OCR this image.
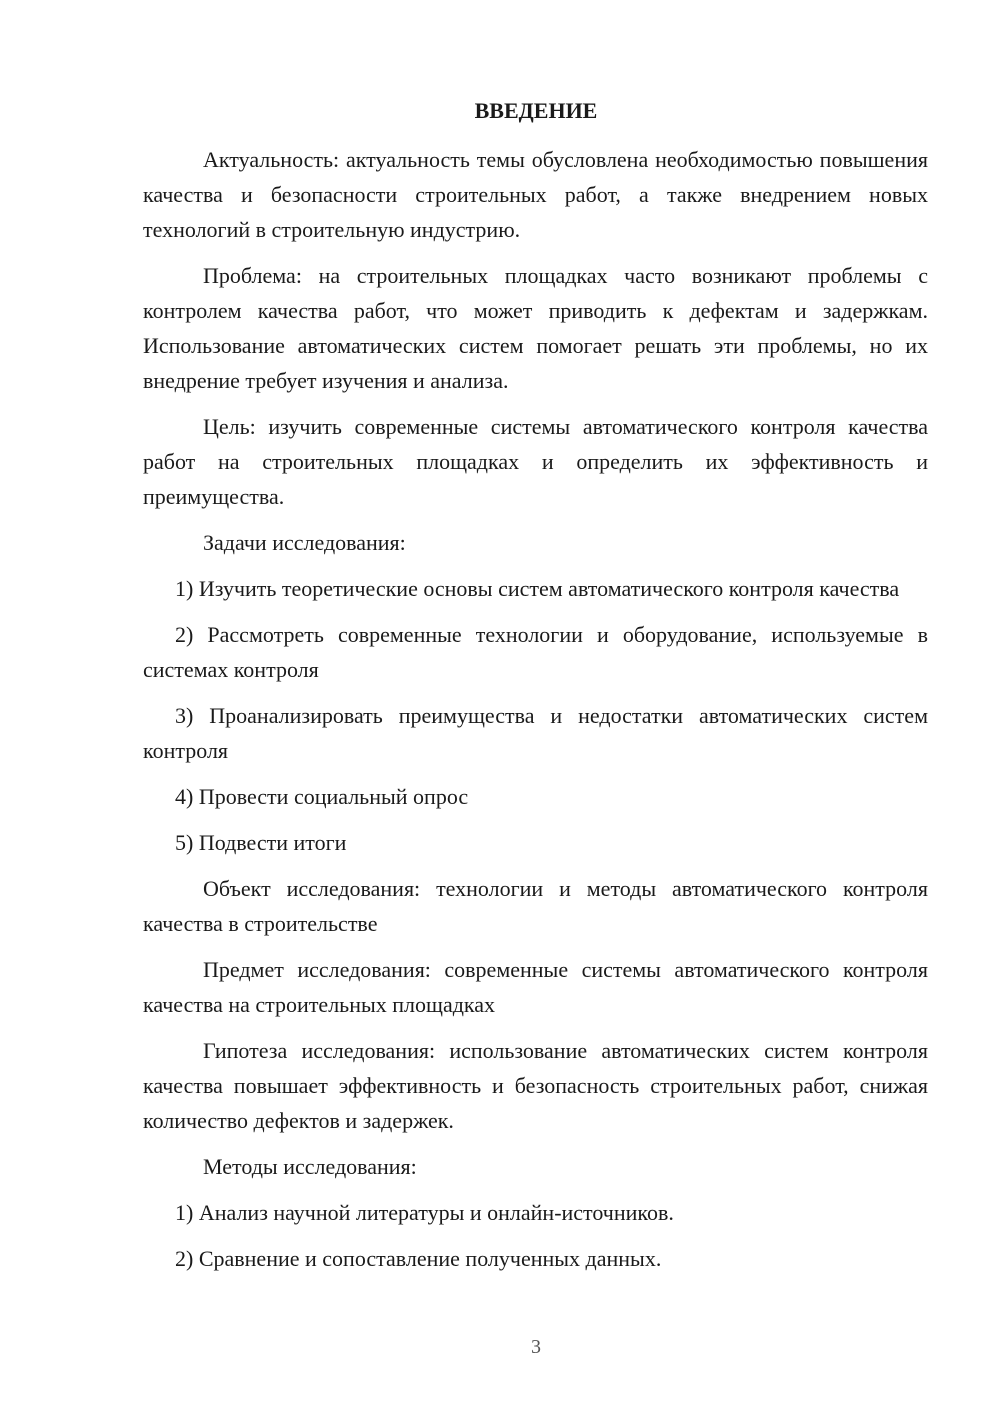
ВВЕДЕНИЕ

Актуальность: актуальность темы обусловлена необходимостью повышения качества и безопасности строительных работ, а также внедрением новых технологий в строительную индустрию.

Проблема: на строительных площадках часто возникают проблемы с контролем качества работ, что может приводить к дефектам и задержкам. Использование автоматических систем помогает решать эти проблемы, но их внедрение требует изучения и анализа.

Цель: изучить современные системы автоматического контроля качества работ на строительных площадках и определить их эффективность и преимущества.

Задачи исследования:

1) Изучить теоретические основы систем автоматического контроля качества

2) Рассмотреть современные технологии и оборудование, используемые в системах контроля

3) Проанализировать преимущества и недостатки автоматических систем контроля

4) Провести социальный опрос

5) Подвести итоги

Объект исследования: технологии и методы автоматического контроля качества в строительстве

Предмет исследования: современные системы автоматического контроля качества на строительных площадках

Гипотеза исследования: использование автоматических систем контроля качества повышает эффективность и безопасность строительных работ, снижая количество дефектов и задержек.

Методы исследования:

1) Анализ научной литературы и онлайн-источников.

2) Сравнение и сопоставление полученных данных.

3
